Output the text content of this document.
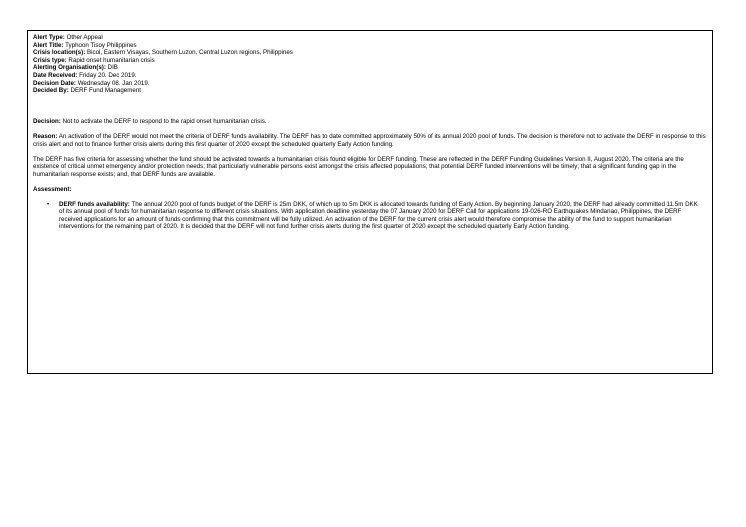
Alert Type: Other Appeal
Alert Title: Typhoon Tisoy Philippines
Crisis location(s): Bicol, Eastern Visayas, Southern Luzon, Central Luzon regions, Philippines
Crisis type: Rapid onset humanitarian crisis
Alerting Organisation(s): DIB
Date Received: Friday 20. Dec 2019.
Decision Date: Wednesday 08. Jan 2019.
Decided By: DERF Fund Management

Decision: Not to activate the DERF to respond to the rapid onset humanitarian crisis.

Reason: An activation of the DERF would not meet the criteria of DERF funds availability. The DERF has to date committed approximately 50% of its annual 2020 pool of funds. The decision is therefore not to activate the DERF in response to this crisis alert and not to finance further crisis alerts during this first quarter of 2020 except the scheduled quarterly Early Action funding.

The DERF has five criteria for assessing whether the fund should be activated towards a humanitarian crisis found eligible for DERF funding. These are reflected in the DERF Funding Guidelines Version II, August 2020. The criteria are the existence of critical unmet emergency and/or protection needs; that particularly vulnerable persons exist amongst the crisis affected populations; that potential DERF funded interventions will be timely; that a significant funding gap in the humanitarian response exists; and, that DERF funds are available.

Assessment:

• DERF funds availability: The annual 2020 pool of funds budget of the DERF is 25m DKK, of which up to 5m DKK is allocated towards funding of Early Action. By beginning January 2020, the DERF had already committed 11.5m DKK of its annual pool of funds for humanitarian response to different crisis situations. With application deadline yesterday the 07 January 2020 for DERF Call for applications 19-026-RO Earthquakes Mindanao, Philippines, the DERF received applications for an amount of funds confirming that this commitment will be fully utilized. An activation of the DERF for the current crisis alert would therefore compromise the ability of the fund to support humanitarian interventions for the remaining part of 2020. It is decided that the DERF will not fund further crisis alerts during the first quarter of 2020 except the scheduled quarterly Early Action funding.
